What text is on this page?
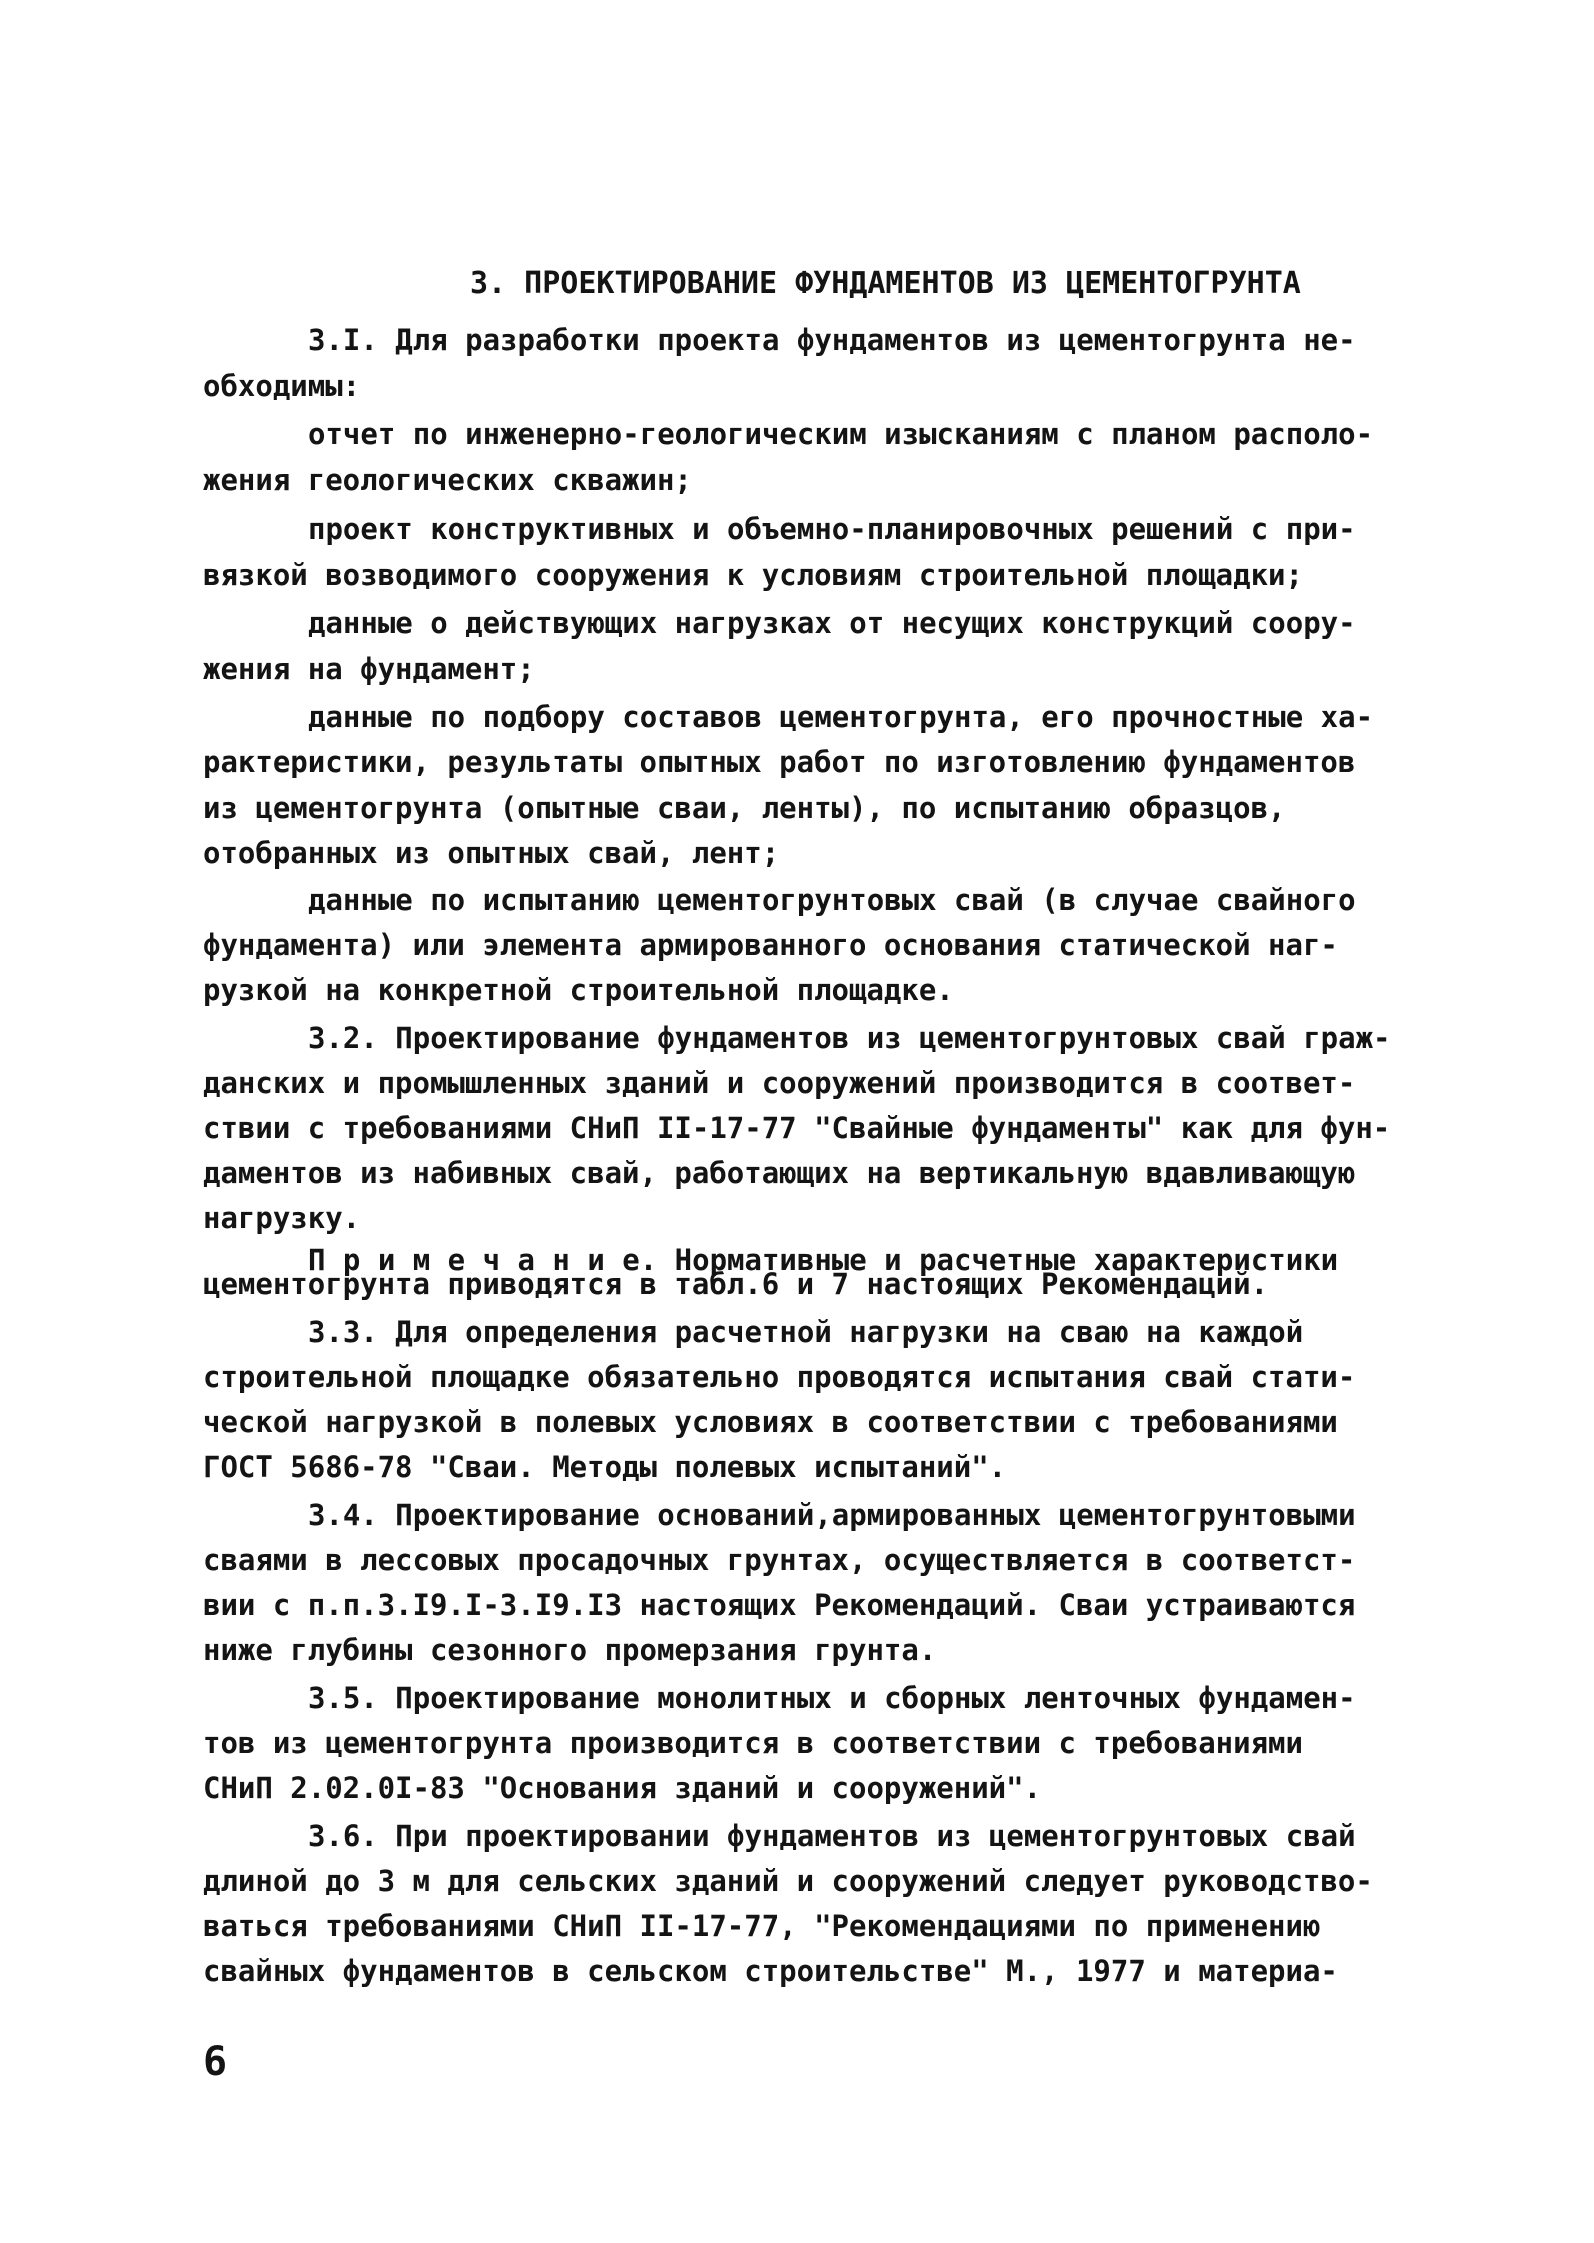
3. ПРОЕКТИРОВАНИЕ ФУНДАМЕНТОВ ИЗ ЦЕМЕНТОГРУНТА
3.I. Для разработки проекта фундаментов из цементогрунта не-
обходимы:
отчет по инженерно-геологическим изысканиям с планом располо-
жения геологических скважин;
проект конструктивных и объемно-планировочных решений с при-
вязкой возводимого сооружения к условиям строительной площадки;
данные о действующих нагрузках от несущих конструкций соору-
жения на фундамент;
данные по подбору составов цементогрунта, его прочностные ха-
рактеристики, результаты опытных работ по изготовлению фундаментов
из цементогрунта (опытные сваи, ленты), по испытанию образцов,
отобранных из опытных свай, лент;
данные по испытанию цементогрунтовых свай (в случае свайного
фундамента) или элемента армированного основания статической наг-
рузкой на конкретной строительной площадке.
3.2. Проектирование фундаментов из цементогрунтовых свай граж-
данских и промышленных зданий и сооружений производится в соответ-
ствии с требованиями СНиП II-17-77 "Свайные фундаменты" как для фун-
даментов из набивных свай, работающих на вертикальную вдавливающую
нагрузку.
П р и м е ч а н и е. Нормативные и расчетные характеристики
цементогрунта приводятся в табл.6 и 7 настоящих Рекомендаций.
3.3. Для определения расчетной нагрузки на сваю на каждой
строительной площадке обязательно проводятся испытания свай стати-
ческой нагрузкой в полевых условиях в соответствии с требованиями
ГОСТ 5686-78 "Сваи. Методы полевых испытаний".
3.4. Проектирование оснований,армированных цементогрунтовыми
сваями в лессовых просадочных грунтах, осуществляется в соответст-
вии с п.п.3.I9.I-3.I9.I3 настоящих Рекомендаций. Сваи устраиваются
ниже глубины сезонного промерзания грунта.
3.5. Проектирование монолитных и сборных ленточных фундамен-
тов из цементогрунта производится в соответствии с требованиями
СНиП 2.02.0I-83 "Основания зданий и сооружений".
3.6. При проектировании фундаментов из цементогрунтовых свай
длиной до 3 м для сельских зданий и сооружений следует руководство-
ваться требованиями СНиП II-17-77, "Рекомендациями по применению
свайных фундаментов в сельском строительстве" М., 1977 и материа-
6
